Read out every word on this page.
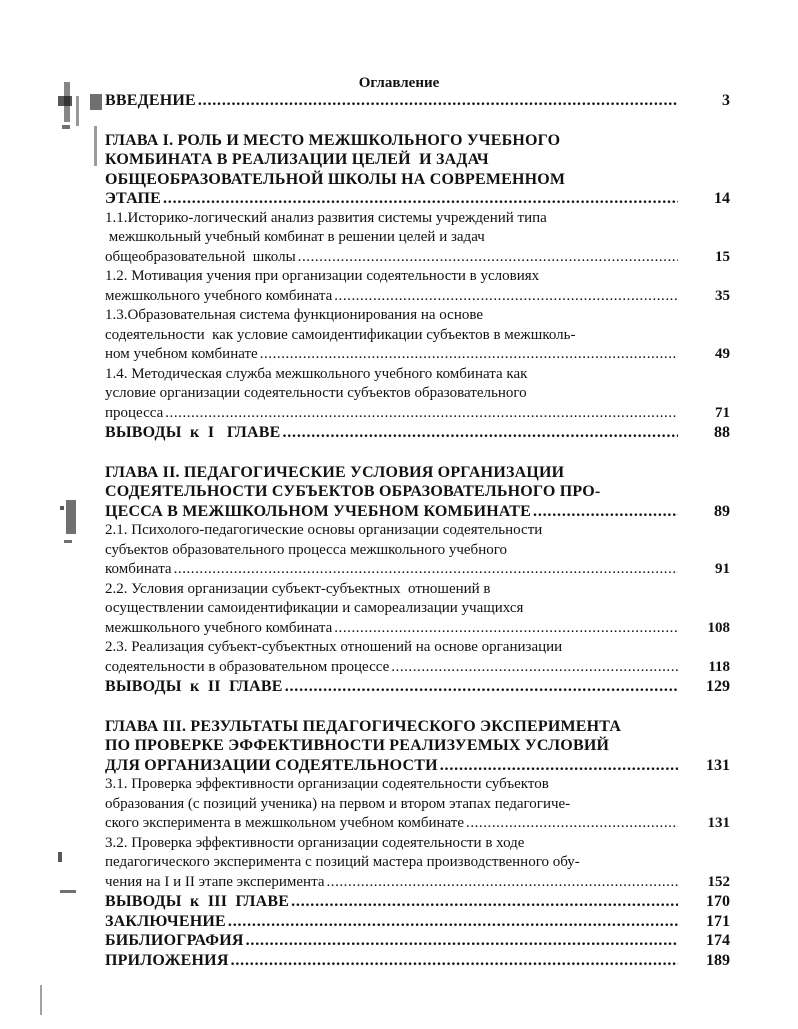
Оглавление
ВВЕДЕНИЕ . . .	3
ГЛАВА I. РОЛЬ И МЕСТО МЕЖШКОЛЬНОГО УЧЕБНОГО
КОМБИНАТА В РЕАЛИЗАЦИИ ЦЕЛЕЙ  И ЗАДАЧ
ОБЩЕОБРАЗОВАТЕЛЬНОЙ ШКОЛЫ НА СОВРЕМЕННОМ
ЭТАПЕ . . .	14
1.1.Историко-логический анализ развития системы учреждений типа
межшкольный учебный комбинат в решении целей и задач
общеобразовательной  школы . . .	15
1.2. Мотивация учения при организации содеятельности в условиях
межшкольного учебного комбината . . .	35
1.3.Образовательная система функционирования на основе
содеятельности  как условие самоидентификации субъектов в межшколь-
ном учебном комбинате . . .	49
1.4. Методическая служба межшкольного учебного комбината как
условие организации содеятельности субъектов образовательного
процесса . . .	71
ВЫВОДЫ  к  I   ГЛАВЕ . . .	88
ГЛАВА II. ПЕДАГОГИЧЕСКИЕ УСЛОВИЯ ОРГАНИЗАЦИИ
СОДЕЯТЕЛЬНОСТИ СУБЪЕКТОВ ОБРАЗОВАТЕЛЬНОГО ПРО-
ЦЕССА В МЕЖШКОЛЬНОМ УЧЕБНОМ КОМБИНАТЕ . . .	89
2.1. Психолого-педагогические основы организации содеятельности
субъектов образовательного процесса межшкольного учебного
комбината . . .	91
2.2. Условия организации субъект-субъектных  отношений в
осуществлении самоидентификации и самореализации учащихся
межшкольного учебного комбината . . .	108
2.3. Реализация субъект-субъектных отношений на основе организации
содеятельности в образовательном процессе . . .	118
ВЫВОДЫ  к  II  ГЛАВЕ . . .	129
ГЛАВА III. РЕЗУЛЬТАТЫ ПЕДАГОГИЧЕСКОГО ЭКСПЕРИМЕНТА
ПО ПРОВЕРКЕ ЭФФЕКТИВНОСТИ РЕАЛИЗУЕМЫХ УСЛОВИЙ
ДЛЯ ОРГАНИЗАЦИИ СОДЕЯТЕЛЬНОСТИ . . .	131
3.1. Проверка эффективности организации содеятельности субъектов
образования (с позиций ученика) на первом и втором этапах педагогиче-
ского эксперимента в межшкольном учебном комбинате . . .	131
3.2. Проверка эффективности организации содеятельности в ходе
педагогического эксперимента с позиций мастера производственного обу-
чения на I и II этапе эксперимента . . .	152
ВЫВОДЫ  к  III  ГЛАВЕ . . .	170
ЗАКЛЮЧЕНИЕ . . .	171
БИБЛИОГРАФИЯ . . .	174
ПРИЛОЖЕНИЯ . . .	189
